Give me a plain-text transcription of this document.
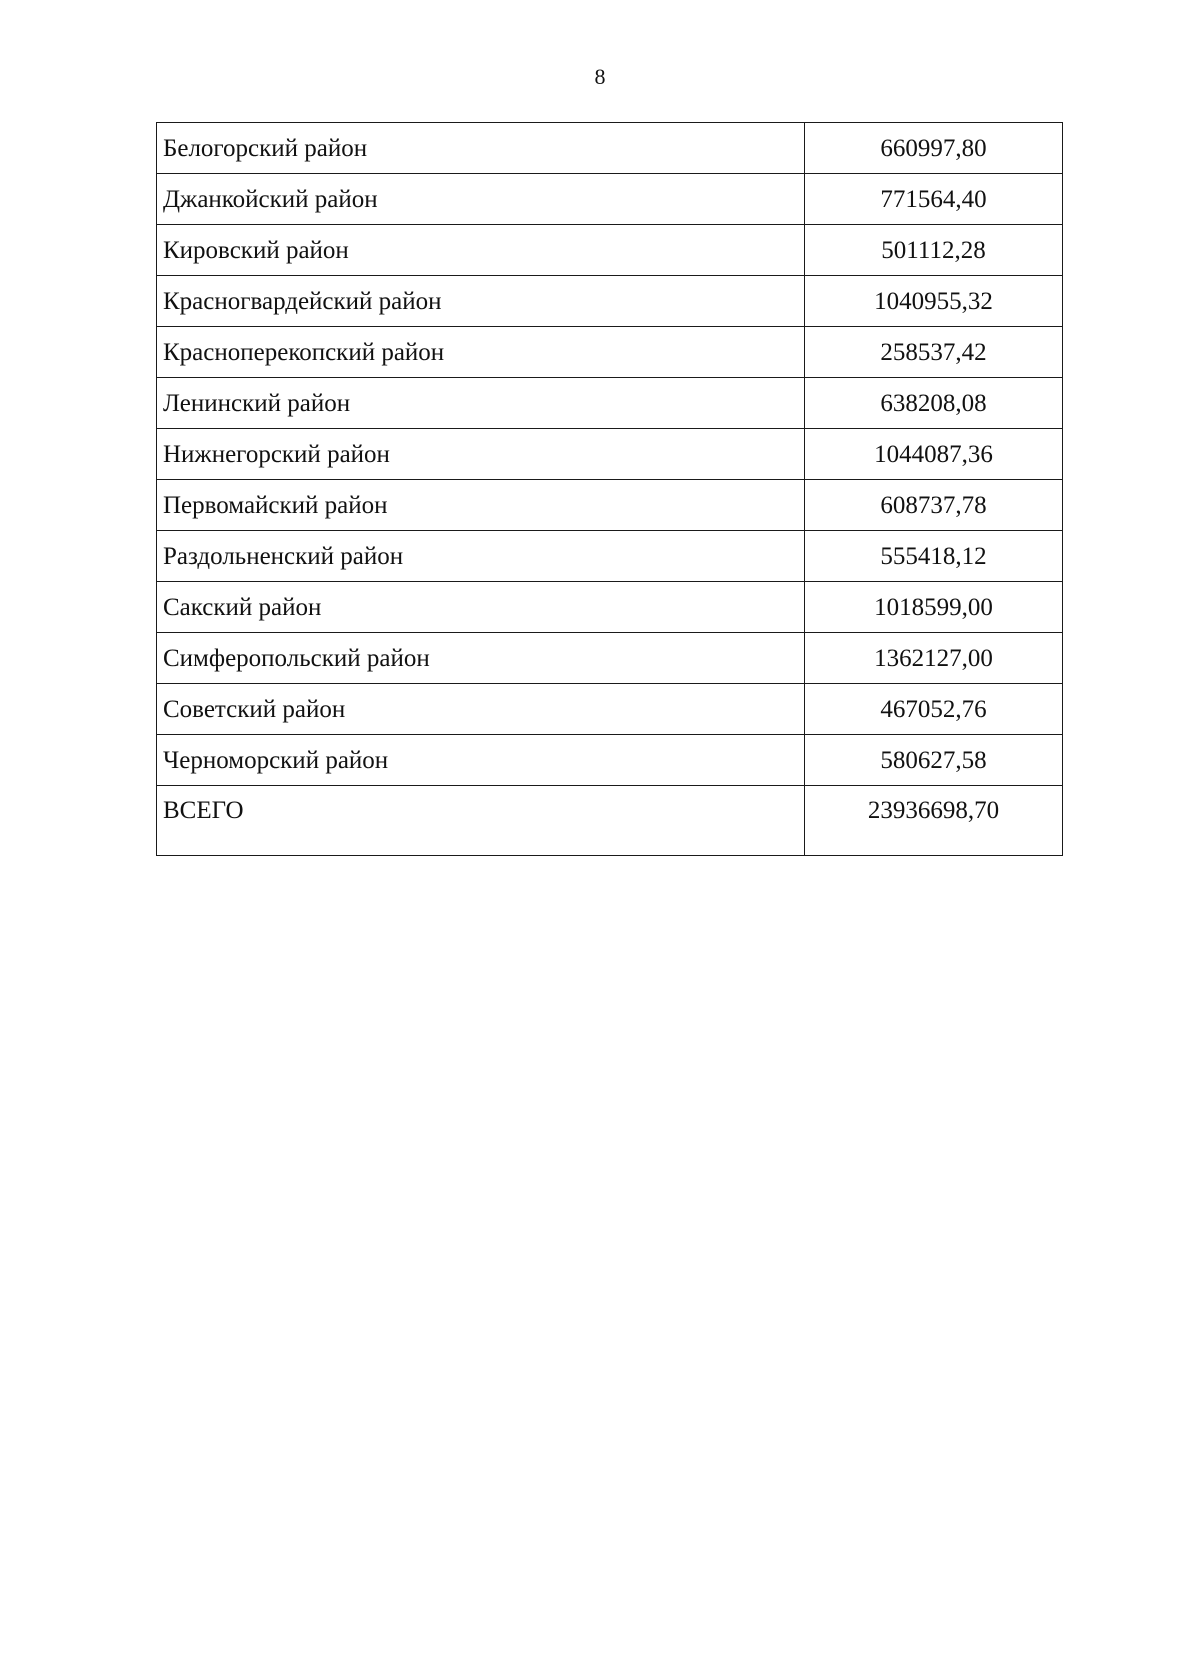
8
Белогорский район	660997,80
Джанкойский район	771564,40
Кировский район	501112,28
Красногвардейский район	1040955,32
Красноперекопский район	258537,42
Ленинский район	638208,08
Нижнегорский район	1044087,36
Первомайский район	608737,78
Раздольненский район	555418,12
Сакский район	1018599,00
Симферопольский район	1362127,00
Советский район	467052,76
Черноморский район	580627,58
ВСЕГО	23936698,70
